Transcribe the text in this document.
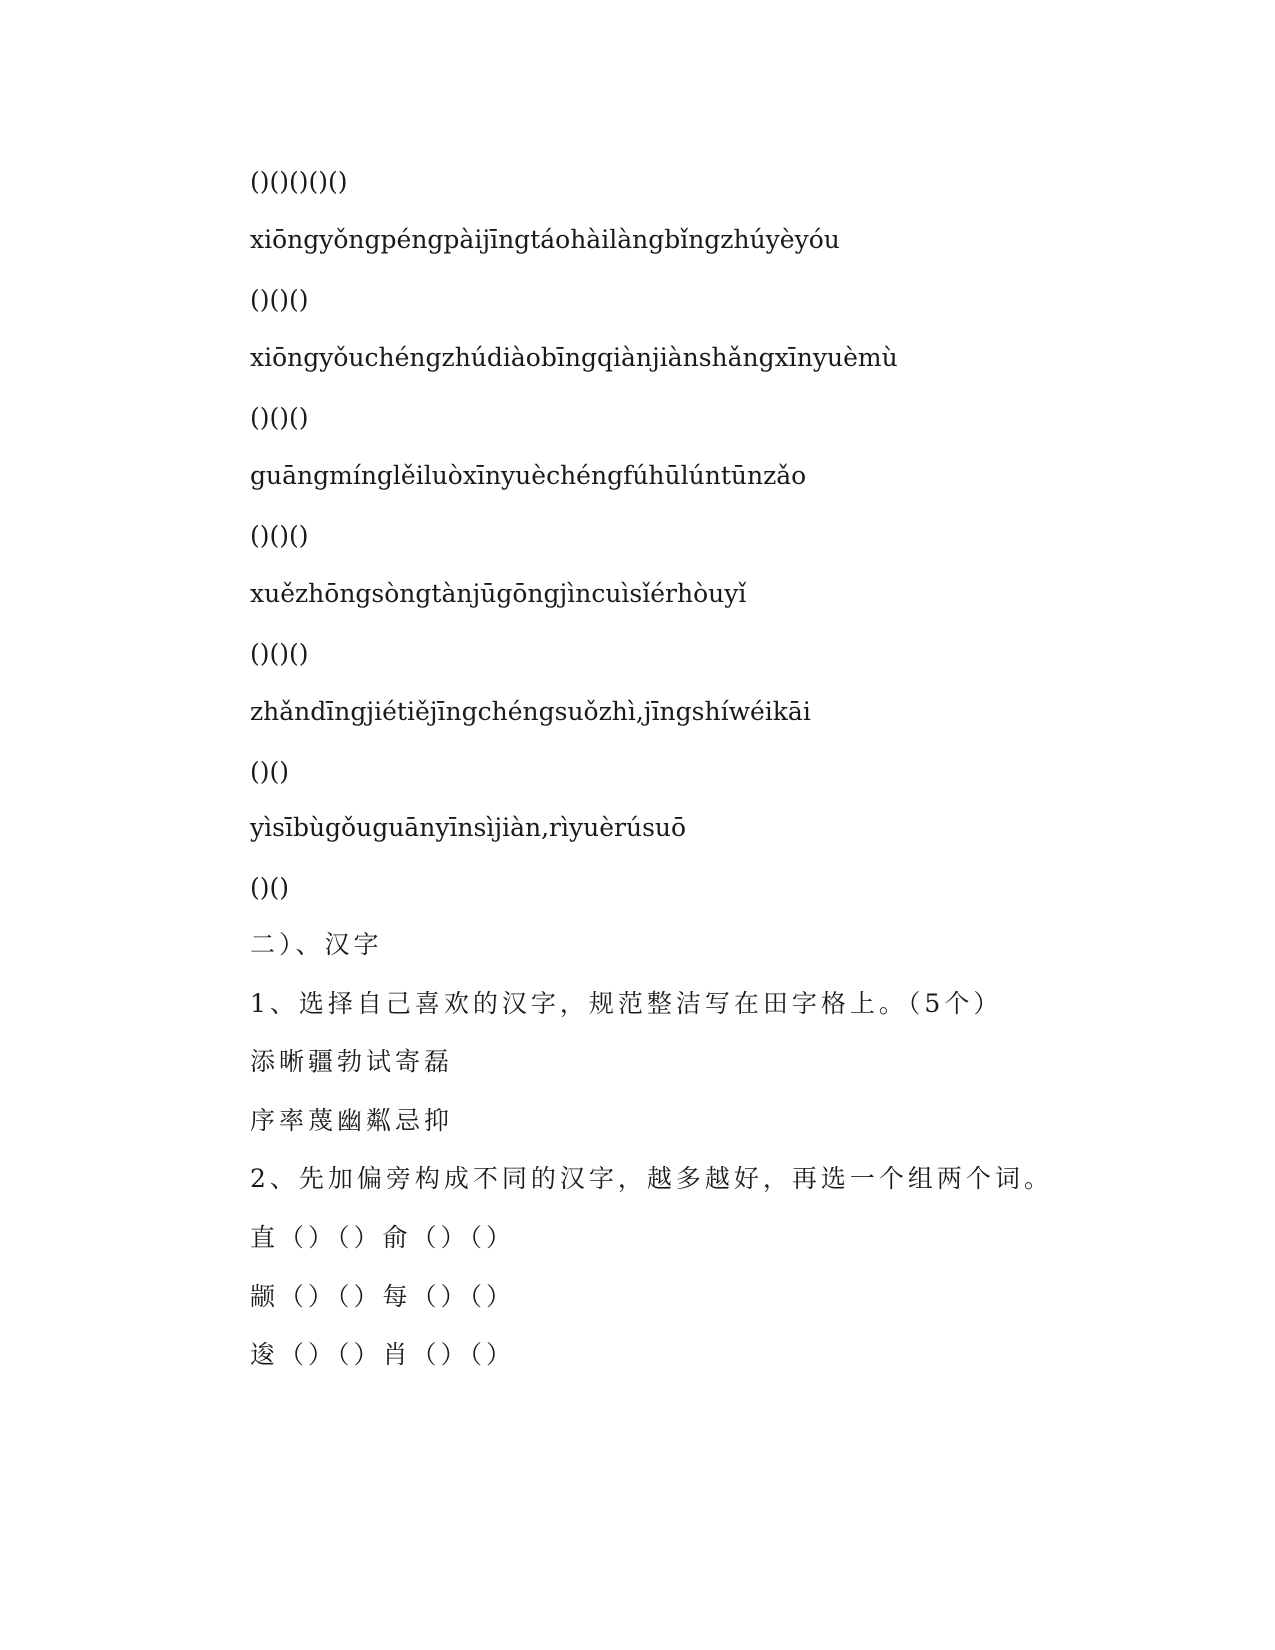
()()()()()
xiōngyǒngpéngpàijīngtáohàilàngbǐngzhúyèyóu
()()()
xiōngyǒuchéngzhúdiàobīngqiànjiànshǎngxīnyuèmù
()()()
guāngmínglěiluòxīnyuèchéngfúhūlúntūnzǎo
()()()
xuězhōngsòngtànjūgōngjìncuìsǐérhòuyǐ
()()()
zhǎndīngjiétiějīngchéngsuǒzhì,jīngshíwéikāi
()()
yìsībùgǒuguānyīnsìjiàn,rìyuèrúsuō
()()
二）、汉字
1、选择自己喜欢的汉字，规范整洁写在田字格上。（5个）
添晰疆勃试寄磊
序率蔑幽粼忌抑
2、先加偏旁构成不同的汉字，越多越好，再选一个组两个词。
直（）（）俞（）（）
颛（）（）每（）（）
逡（）（）肖（）（）
